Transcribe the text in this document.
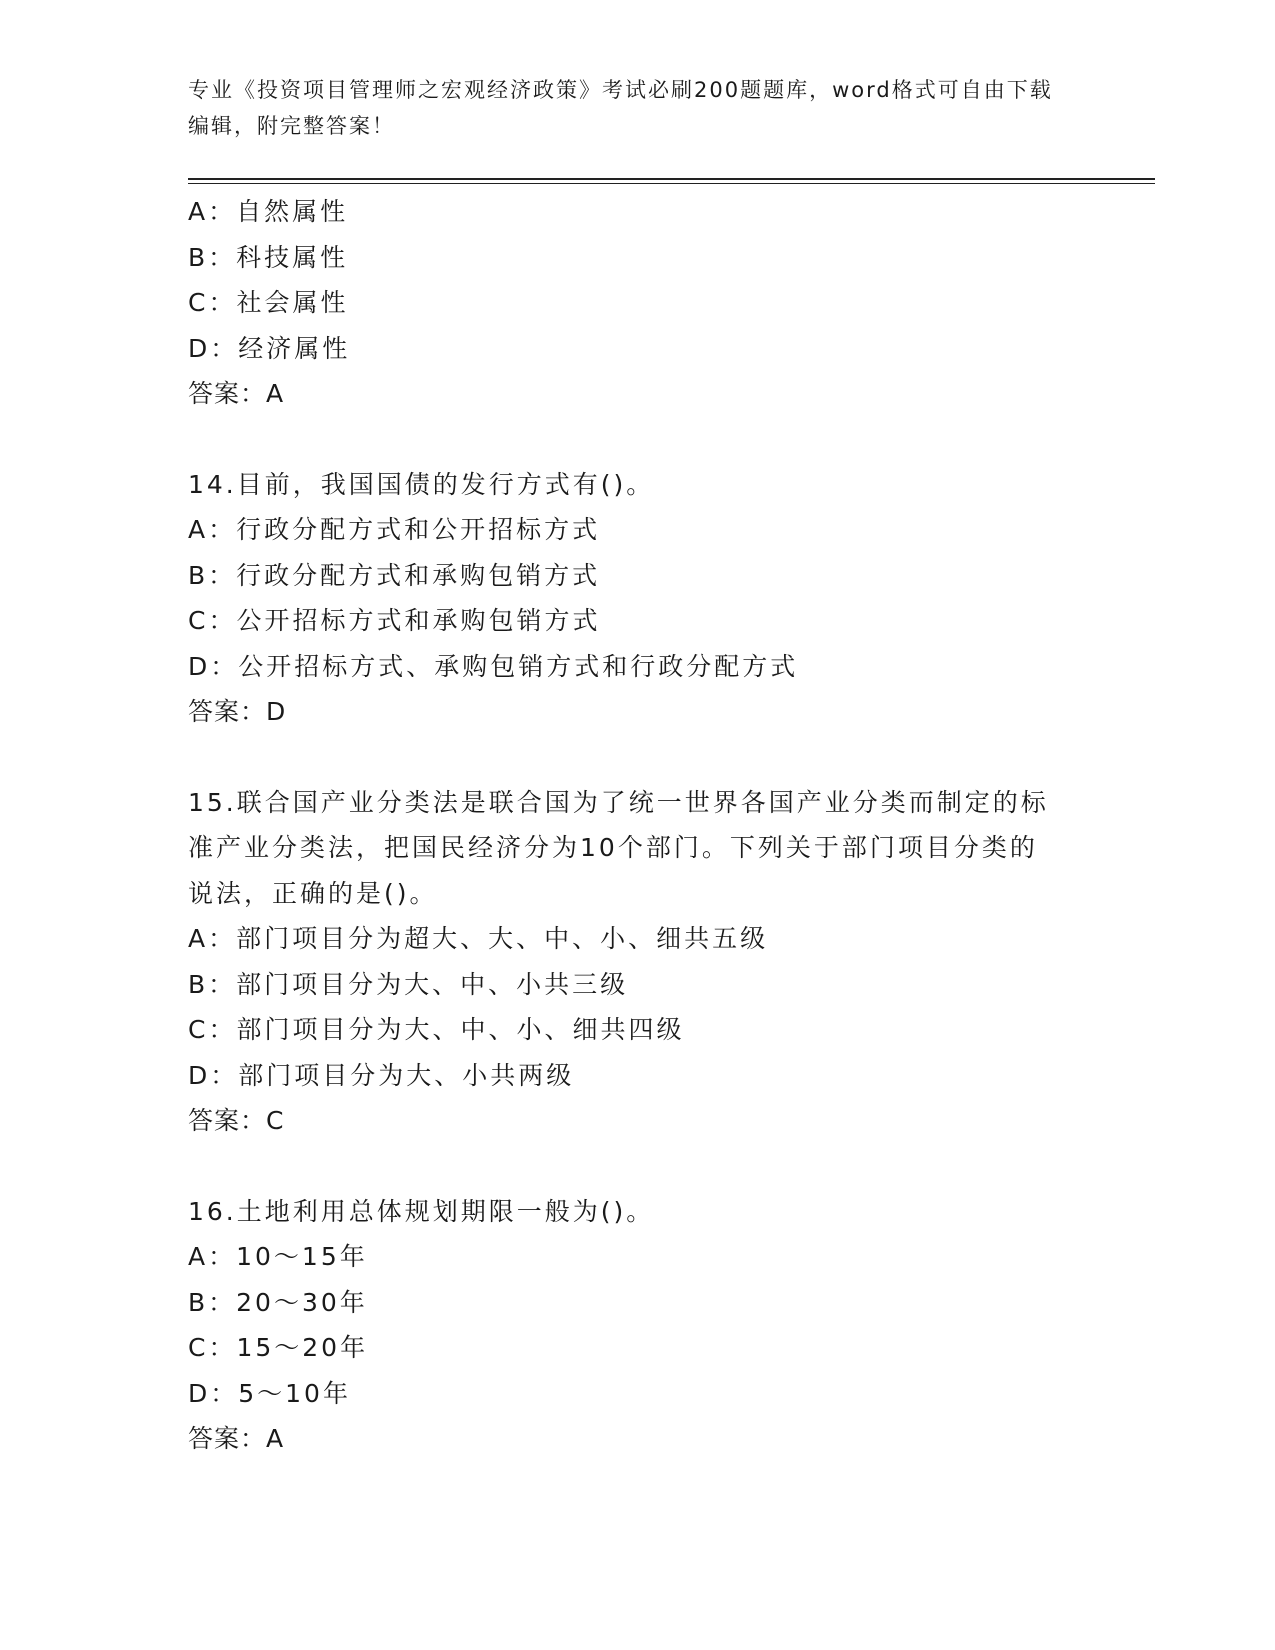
专业《投资项目管理师之宏观经济政策》考试必刷200题题库，word格式可自由下载编辑，附完整答案！
A：自然属性
B：科技属性
C：社会属性
D：经济属性
答案：A
14.目前，我国国债的发行方式有()。
A：行政分配方式和公开招标方式
B：行政分配方式和承购包销方式
C：公开招标方式和承购包销方式
D：公开招标方式、承购包销方式和行政分配方式
答案：D
15.联合国产业分类法是联合国为了统一世界各国产业分类而制定的标
准产业分类法，把国民经济分为10个部门。下列关于部门项目分类的
说法，正确的是()。
A：部门项目分为超大、大、中、小、细共五级
B：部门项目分为大、中、小共三级
C：部门项目分为大、中、小、细共四级
D：部门项目分为大、小共两级
答案：C
16.土地利用总体规划期限一般为()。
A：10～15年
B：20～30年
C：15～20年
D：5～10年
答案：A
